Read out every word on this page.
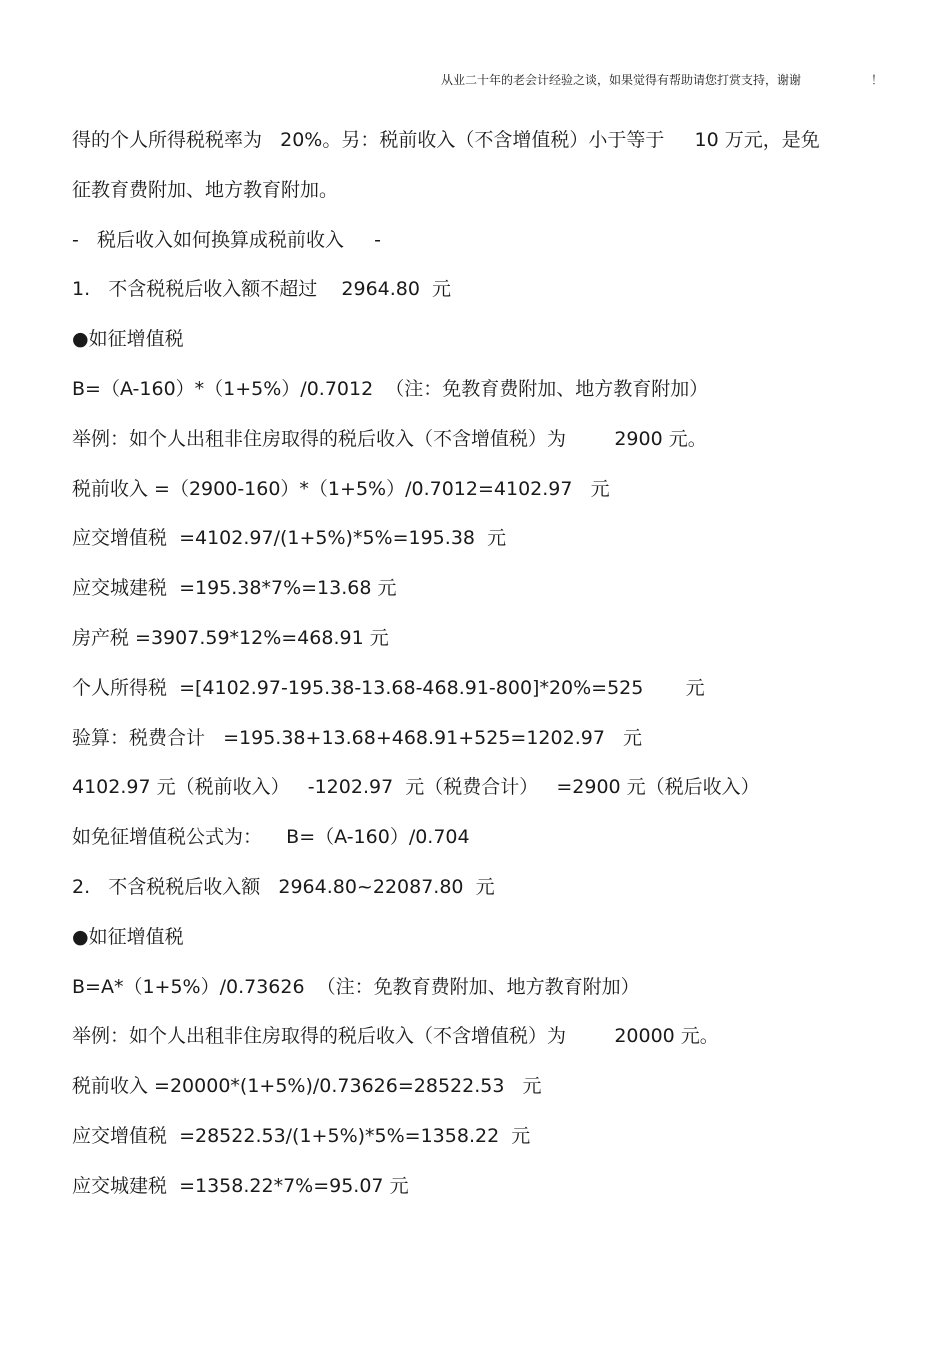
从业二十年的老会计经验之谈，如果觉得有帮助请您打赏支持，谢谢	！
得的个人所得税税率为   20%。另：税前收入（不含增值税）小于等于     10 万元，是免
征教育费附加、地方教育附加。
-   税后收入如何换算成税前收入     -
1.   不含税税后收入额不超过    2964.80  元
●如征增值税
B=（A-160）*（1+5%）/0.7012  （注：免教育费附加、地方教育附加）
举例：如个人出租非住房取得的税后收入（不含增值税）为        2900 元。
税前收入 =（2900-160）*（1+5%）/0.7012=4102.97   元
应交增值税  =4102.97/(1+5%)*5%=195.38  元
应交城建税  =195.38*7%=13.68 元
房产税 =3907.59*12%=468.91 元
个人所得税  =[4102.97-195.38-13.68-468.91-800]*20%=525       元
验算：税费合计   =195.38+13.68+468.91+525=1202.97   元
4102.97 元（税前收入）   -1202.97  元（税费合计）   =2900 元（税后收入）
如免征增值税公式为：    B=（A-160）/0.704
2.   不含税税后收入额   2964.80~22087.80  元
●如征增值税
B=A*（1+5%）/0.73626  （注：免教育费附加、地方教育附加）
举例：如个人出租非住房取得的税后收入（不含增值税）为        20000 元。
税前收入 =20000*(1+5%)/0.73626=28522.53   元
应交增值税  =28522.53/(1+5%)*5%=1358.22  元
应交城建税  =1358.22*7%=95.07 元
